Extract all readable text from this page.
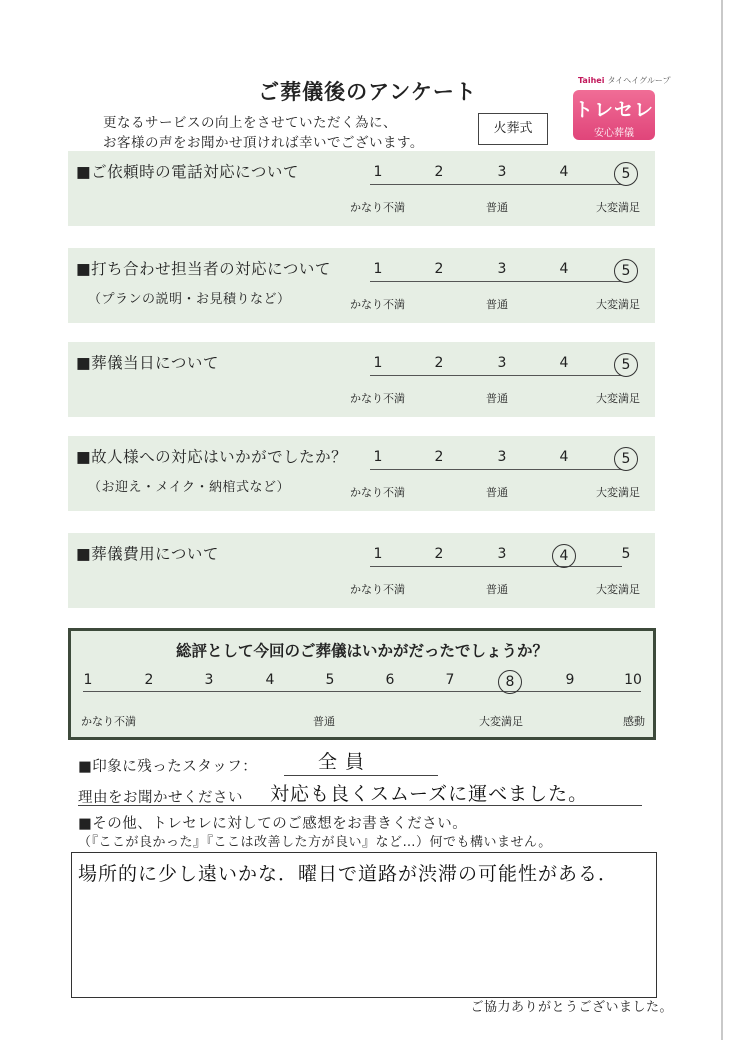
ご葬儀後のアンケート
更なるサービスの向上をさせていただく為に、
お客様の声をお聞かせ頂ければ幸いでございます。
火葬式
Taihei タイヘイグループ
トレセレ
安心葬儀
■ご依頼時の電話対応について	1	2	3	4	5
かなり不満	普通	大変満足
■打ち合わせ担当者の対応について
（プランの説明・お見積りなど）
1	2	3	4	5
かなり不満	普通	大変満足
■葬儀当日について	1	2	3	4	5
かなり不満	普通	大変満足
■故人様への対応はいかがでしたか？
（お迎え・メイク・納棺式など）
1	2	3	4	5
かなり不満	普通	大変満足
■葬儀費用について	1	2	3	4	5
かなり不満	普通	大変満足
総評として今回のご葬儀はいかがだったでしょうか？
1	2	3	4	5	6	7	8	9	10
かなり不満	普通	大変満足	感動
■印象に残ったスタッフ：	全 員
理由をお聞かせください 対応も良くスムーズに運べました。
■その他、トレセレに対してのご感想をお書きください。
（『ここが良かった』『ここは改善した方が良い』など…）何でも構いません。
場所的に少し遠いかな．曜日で道路が渋滞の可能性がある．
ご協力ありがとうございました。
